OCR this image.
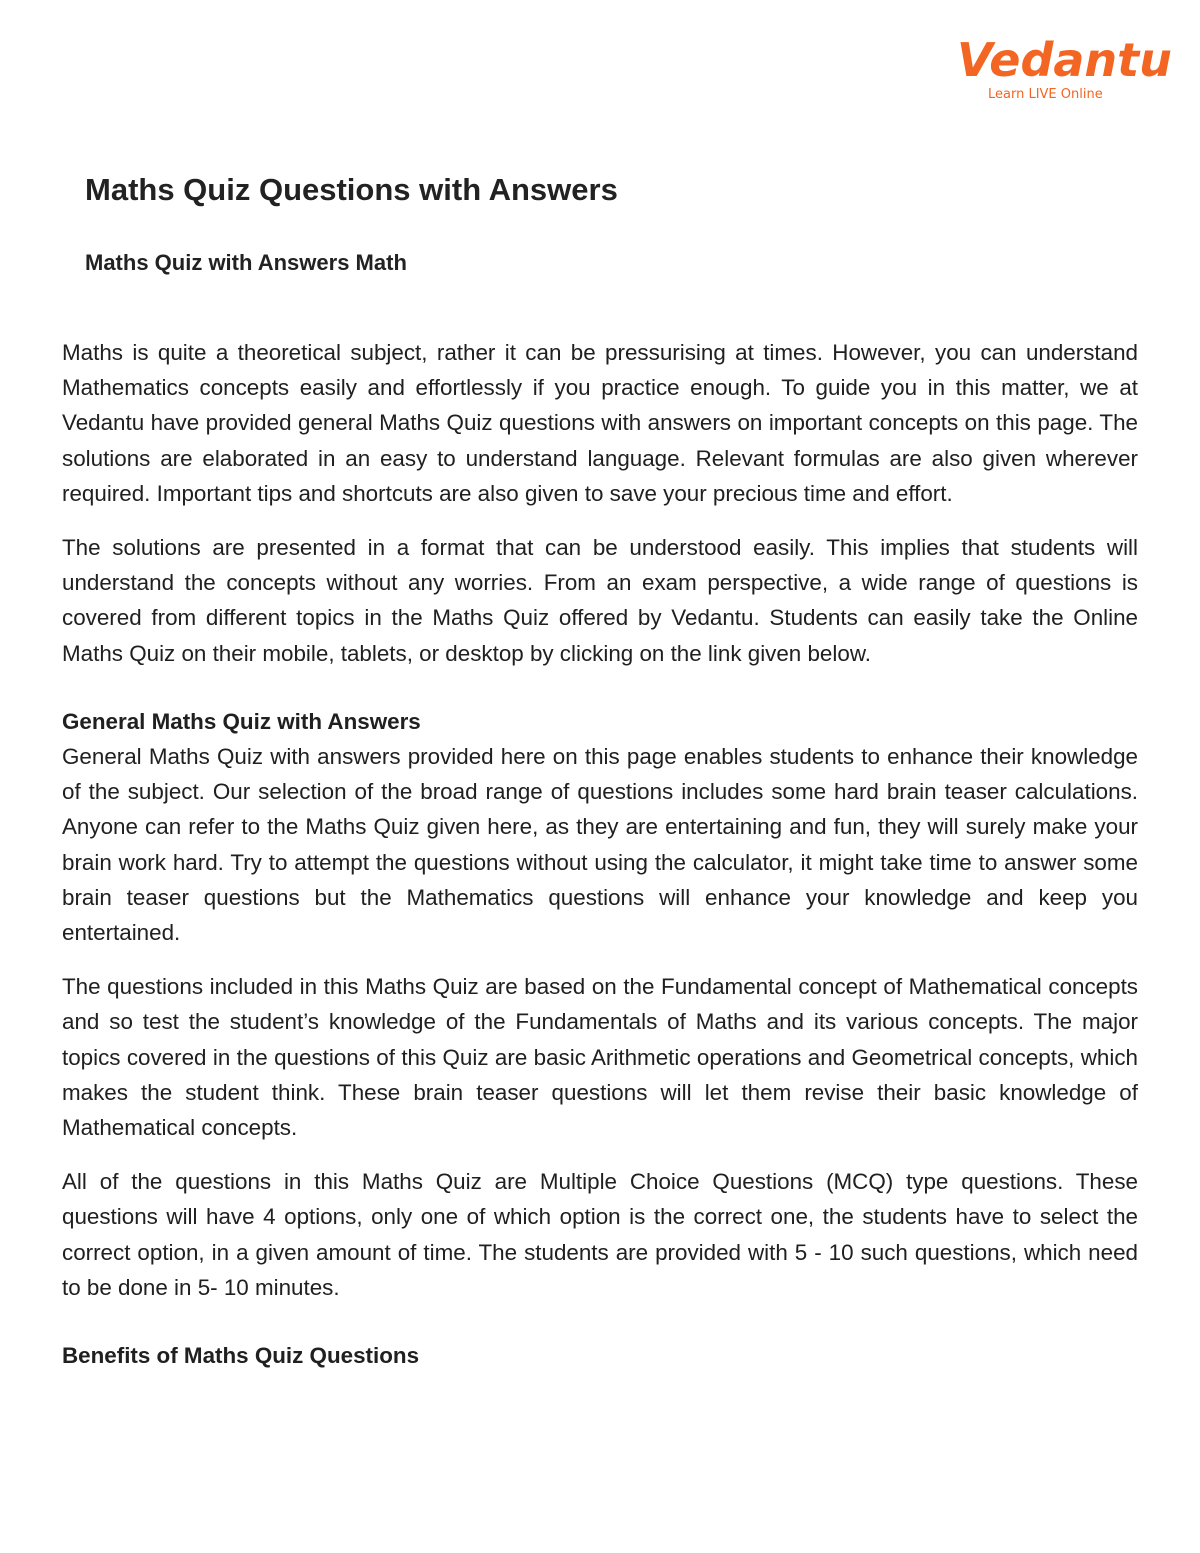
Vedantu
Learn LIVE Online
Maths Quiz Questions with Answers
Maths Quiz with Answers Math

Maths is quite a theoretical subject, rather it can be pressurising at times. However, you can understand Mathematics concepts easily and effortlessly if you practice enough. To guide you in this matter, we at Vedantu have provided general Maths Quiz questions with answers on important concepts on this page. The solutions are elaborated in an easy to understand language. Relevant formulas are also given wherever required. Important tips and shortcuts are also given to save your precious time and effort.

The solutions are presented in a format that can be understood easily. This implies that students will understand the concepts without any worries. From an exam perspective, a wide range of questions is covered from different topics in the Maths Quiz offered by Vedantu. Students can easily take the Online Maths Quiz on their mobile, tablets, or desktop by clicking on the link given below.

General Maths Quiz with Answers

General Maths Quiz with answers provided here on this page enables students to enhance their knowledge of the subject. Our selection of the broad range of questions includes some hard brain teaser calculations. Anyone can refer to the Maths Quiz given here, as they are entertaining and fun, they will surely make your brain work hard. Try to attempt the questions without using the calculator, it might take time to answer some brain teaser questions but the Mathematics questions will enhance your knowledge and keep you entertained.

The questions included in this Maths Quiz are based on the Fundamental concept of Mathematical concepts and so test the student’s knowledge of the Fundamentals of Maths and its various concepts. The major topics covered in the questions of this Quiz are basic Arithmetic operations and Geometrical concepts, which makes the student think. These brain teaser questions will let them revise their basic knowledge of Mathematical concepts.

All of the questions in this Maths Quiz are Multiple Choice Questions (MCQ) type questions. These questions will have 4 options, only one of which option is the correct one, the students have to select the correct option, in a given amount of time. The students are provided with 5 - 10 such questions, which need to be done in 5- 10 minutes.

Benefits of Maths Quiz Questions
